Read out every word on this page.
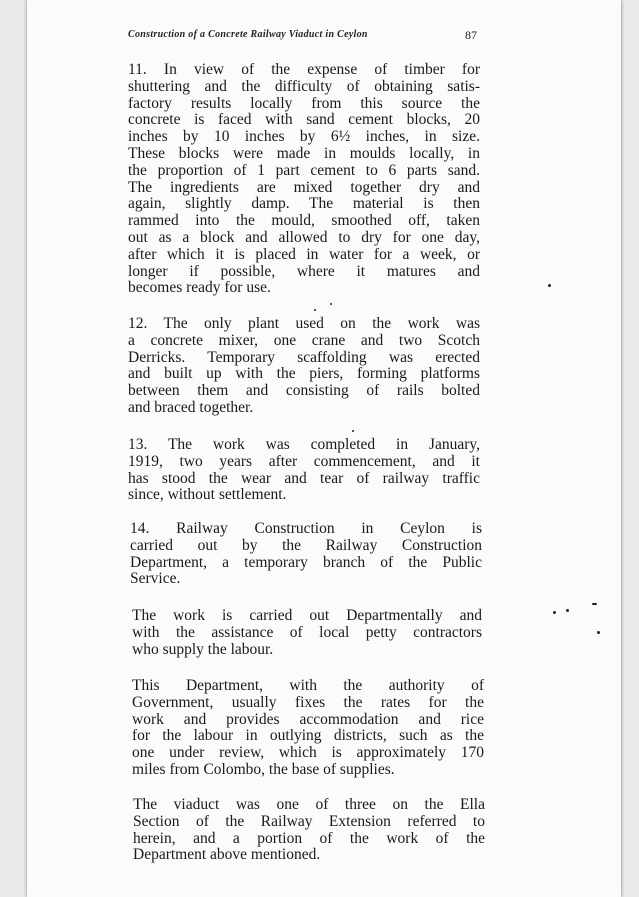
Construction of a Concrete Railway Viaduct in Ceylon	87
11. In view of the expense of timber for
shuttering and the difficulty of obtaining satis-
factory results locally from this source the
concrete is faced with sand cement blocks, 20
inches by 10 inches by 6½ inches, in size.
These blocks were made in moulds locally, in
the proportion of 1 part cement to 6 parts sand.
The ingredients are mixed together dry and
again, slightly damp. The material is then
rammed into the mould, smoothed off, taken
out as a block and allowed to dry for one day,
after which it is placed in water for a week, or
longer if possible, where it matures and
becomes ready for use.
12. The only plant used on the work was
a concrete mixer, one crane and two Scotch
Derricks. Temporary scaffolding was erected
and built up with the piers, forming platforms
between them and consisting of rails bolted
and braced together.
13. The work was completed in January,
1919, two years after commencement, and it
has stood the wear and tear of railway traffic
since, without settlement.
14. Railway Construction in Ceylon is
carried out by the Railway Construction
Department, a temporary branch of the Public
Service.
The work is carried out Departmentally and
with the assistance of local petty contractors
who supply the labour.
This Department, with the authority of
Government, usually fixes the rates for the
work and provides accommodation and rice
for the labour in outlying districts, such as the
one under review, which is approximately 170
miles from Colombo, the base of supplies.
The viaduct was one of three on the Ella
Section of the Railway Extension referred to
herein, and a portion of the work of the
Department above mentioned.
